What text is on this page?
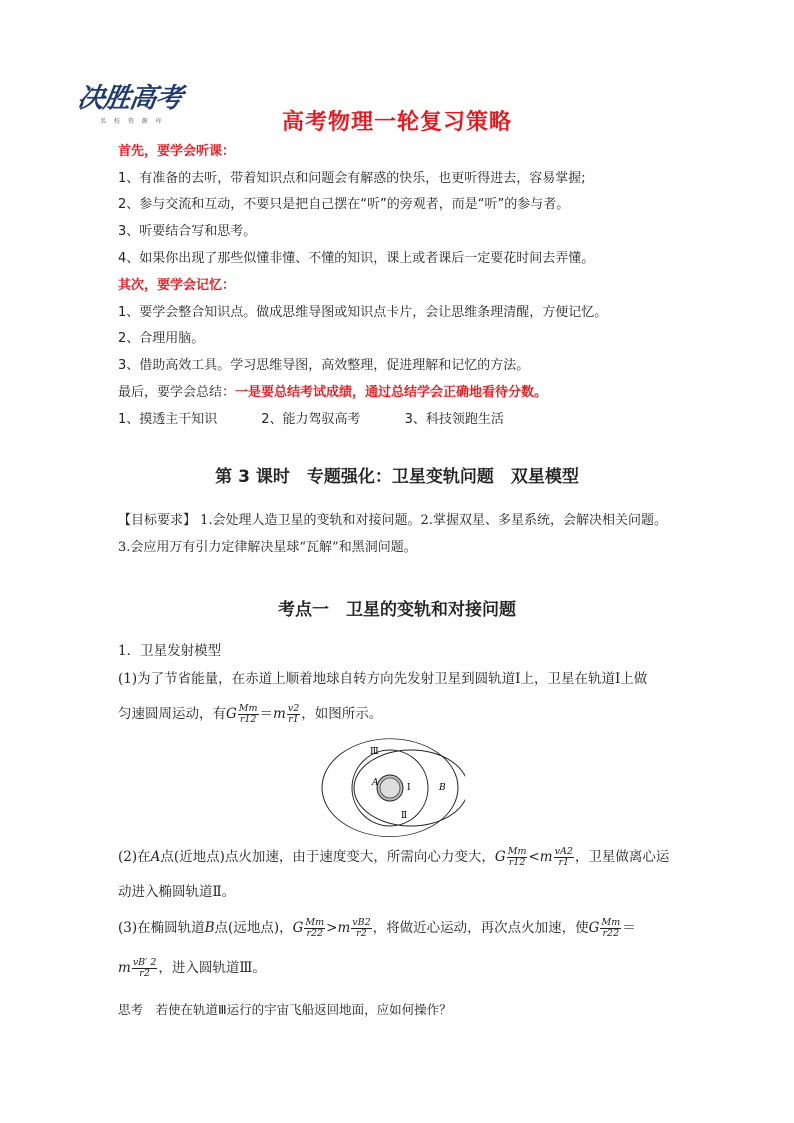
决胜高考
名 校 资 源 库	高考物理一轮复习策略
首先，要学会听课：
1、有准备的去听，带着知识点和问题会有解惑的快乐，也更听得进去，容易掌握;
2、参与交流和互动，不要只是把自己摆在“听”的旁观者，而是“听”的参与者。
3、听要结合写和思考。
4、如果你出现了那些似懂非懂、不懂的知识，课上或者课后一定要花时间去弄懂。
其次，要学会记忆：
1、要学会整合知识点。做成思维导图或知识点卡片，会让思维条理清醒，方便记忆。
2、合理用脑。
3、借助高效工具。学习思维导图，高效整理，促进理解和记忆的方法。
最后，要学会总结：一是要总结考试成绩，通过总结学会正确地看待分数。
1、摸透主干知识	2、能力驾驭高考	3、科技领跑生活
第 3 课时　专题强化：卫星变轨问题　双星模型
【目标要求】 1.会处理人造卫星的变轨和对接问题。2.掌握双星、多星系统，会解决相关问题。
3.会应用万有引力定律解决星球“瓦解”和黑洞问题。
考点一　卫星的变轨和对接问题
1．卫星发射模型
(1)为了节省能量，在赤道上顺着地球自转方向先发射卫星到圆轨道Ⅰ上，卫星在轨道Ⅰ上做
匀速圆周运动，有G $\frac{Mm}{r12} =m \frac{v2}{r1}$ ，如图所示。
A	B
Ⅰ
Ⅱ
Ⅲ
(2)在A点(近地点)点火加速，由于速度变大，所需向心力变大，G $\frac{Mm}{r12} <m \frac{vA2}{r1}$ ，卫星做离心运
动进入椭圆轨道Ⅱ。
(3)在椭圆轨道B点(远地点)，G $\frac{Mm}{r22} >m \frac{vB2}{r2}$ ，将做近心运动，再次点火加速，使G $\frac{Mm}{r22}$ ＝
m $\frac{vB' 2}{r2}$ ，进入圆轨道Ⅲ。
思考　若使在轨道Ⅲ运行的宇宙飞船返回地面，应如何操作？
